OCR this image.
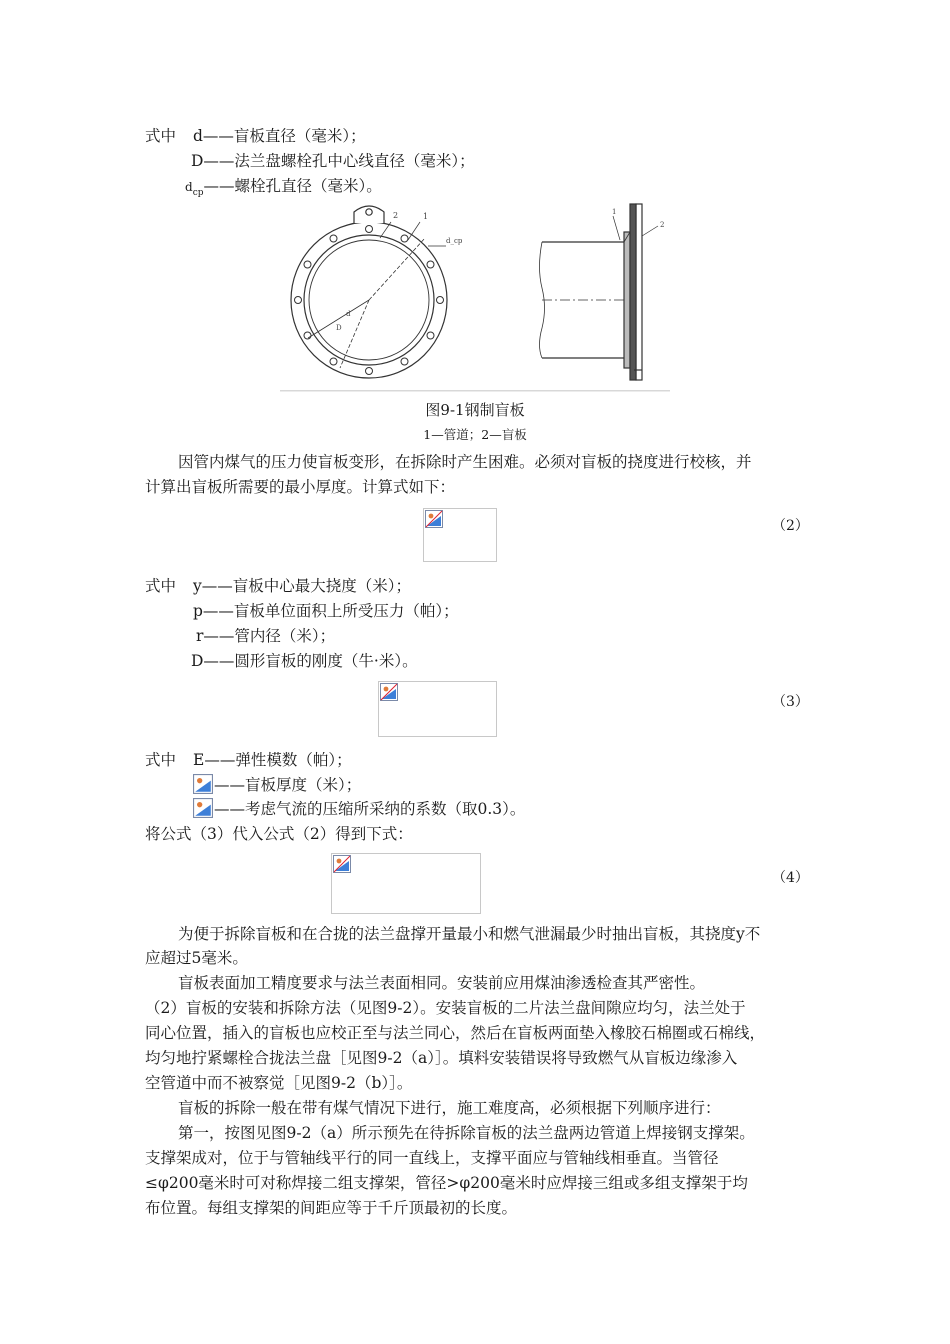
式中 d——盲板直径（毫米）；
D——法兰盘螺栓孔中心线直径（毫米）；
$d_{cp}——$螺栓孔直径（毫米）。
2	1
d_cp
d
D
1
2
图9-1钢制盲板
1—管道；2—盲板
因管内煤气的压力使盲板变形，在拆除时产生困难。必须对盲板的挠度进行校核，并
计算出盲板所需要的最小厚度。计算式如下：
（2）
式中 y——盲板中心最大挠度（米）；
p——盲板单位面积上所受压力（帕）；
r——管内径（米）；
D——圆形盲板的刚度（牛·米）。
（3）
式中 E——弹性模数（帕）；
——盲板厚度（米）；
——考虑气流的压缩所采纳的系数（取0.3）。
将公式（3）代入公式（2）得到下式：
（4）
为便于拆除盲板和在合拢的法兰盘撑开量最小和燃气泄漏最少时抽出盲板，其挠度y不
应超过5毫米。
盲板表面加工精度要求与法兰表面相同。安装前应用煤油渗透检查其严密性。
（2）盲板的安装和拆除方法（见图9-2）。安装盲板的二片法兰盘间隙应均匀，法兰处于
同心位置，插入的盲板也应校正至与法兰同心，然后在盲板两面垫入橡胶石棉圈或石棉线，
均匀地拧紧螺栓合拢法兰盘［见图9-2（a）］。填料安装错误将导致燃气从盲板边缘渗入
空管道中而不被察觉［见图9-2（b）］。
盲板的拆除一般在带有煤气情况下进行，施工难度高，必须根据下列顺序进行：
第一，按图见图9-2（a）所示预先在待拆除盲板的法兰盘两边管道上焊接钢支撑架。
支撑架成对，位于与管轴线平行的同一直线上，支撑平面应与管轴线相垂直。当管径
≤φ200毫米时可对称焊接二组支撑架，管径>φ200毫米时应焊接三组或多组支撑架于均
布位置。每组支撑架的间距应等于千斤顶最初的长度。
